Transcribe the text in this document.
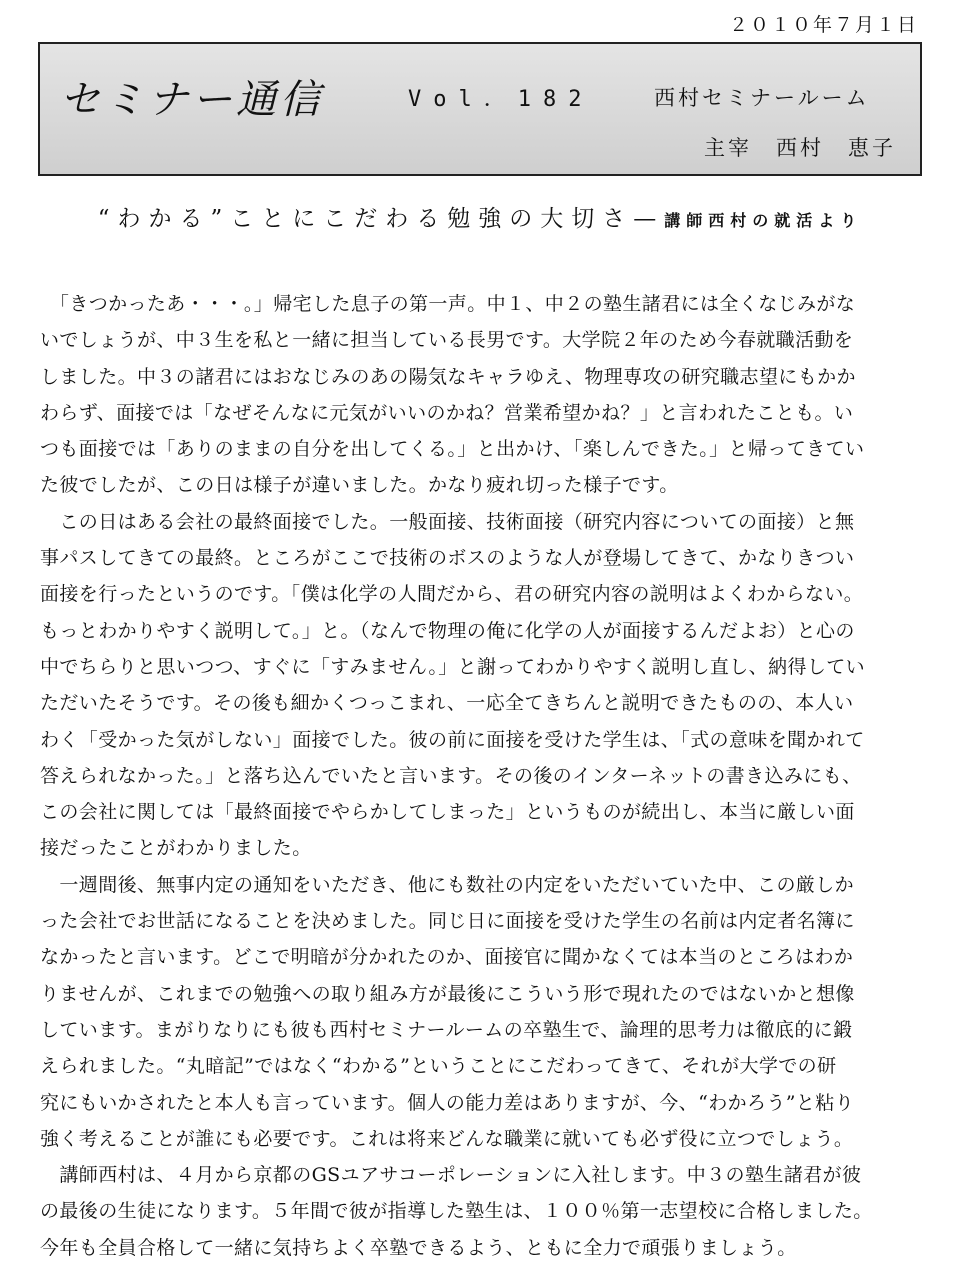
２０１０年７月１日
セミナー通信	Vol．182	西村セミナールーム
主宰　西村　恵子
“わかる”ことにこだわる勉強の大切さ—講師西村の就活より

　「きつかったあ・・・。」帰宅した息子の第一声。中１、中２の塾生諸君には全くなじみがな
いでしょうが、中３生を私と一緒に担当している長男です。大学院２年のため今春就職活動を
しました。中３の諸君にはおなじみのあの陽気なキャラゆえ、物理専攻の研究職志望にもかか
わらず、面接では「なぜそんなに元気がいいのかね？営業希望かね？」と言われたことも。い
つも面接では「ありのままの自分を出してくる。」と出かけ、「楽しんできた。」と帰ってきてい
た彼でしたが、この日は様子が違いました。かなり疲れ切った様子です。

　この日はある会社の最終面接でした。一般面接、技術面接（研究内容についての面接）と無
事パスしてきての最終。ところがここで技術のボスのような人が登場してきて、かなりきつい
面接を行ったというのです。「僕は化学の人間だから、君の研究内容の説明はよくわからない。
もっとわかりやすく説明して。」と。（なんで物理の俺に化学の人が面接するんだよお）と心の
中でちらりと思いつつ、すぐに「すみません。」と謝ってわかりやすく説明し直し、納得してい
ただいたそうです。その後も細かくつっこまれ、一応全てきちんと説明できたものの、本人い
わく「受かった気がしない」面接でした。彼の前に面接を受けた学生は、「式の意味を聞かれて
答えられなかった。」と落ち込んでいたと言います。その後のインターネットの書き込みにも、
この会社に関しては「最終面接でやらかしてしまった」というものが続出し、本当に厳しい面
接だったことがわかりました。

　一週間後、無事内定の通知をいただき、他にも数社の内定をいただいていた中、この厳しか
った会社でお世話になることを決めました。同じ日に面接を受けた学生の名前は内定者名簿に
なかったと言います。どこで明暗が分かれたのか、面接官に聞かなくては本当のところはわか
りませんが、これまでの勉強への取り組み方が最後にこういう形で現れたのではないかと想像
しています。まがりなりにも彼も西村セミナールームの卒塾生で、論理的思考力は徹底的に鍛
えられました。“丸暗記”ではなく“わかる”ということにこだわってきて、それが大学での研
究にもいかされたと本人も言っています。個人の能力差はありますが、今、“わかろう”と粘り
強く考えることが誰にも必要です。これは将来どんな職業に就いても必ず役に立つでしょう。

　講師西村は、４月から京都のGSユアサコーポレーションに入社します。中３の塾生諸君が彼
の最後の生徒になります。５年間で彼が指導した塾生は、１００％第一志望校に合格しました。
今年も全員合格して一緒に気持ちよく卒塾できるよう、ともに全力で頑張りましょう。
